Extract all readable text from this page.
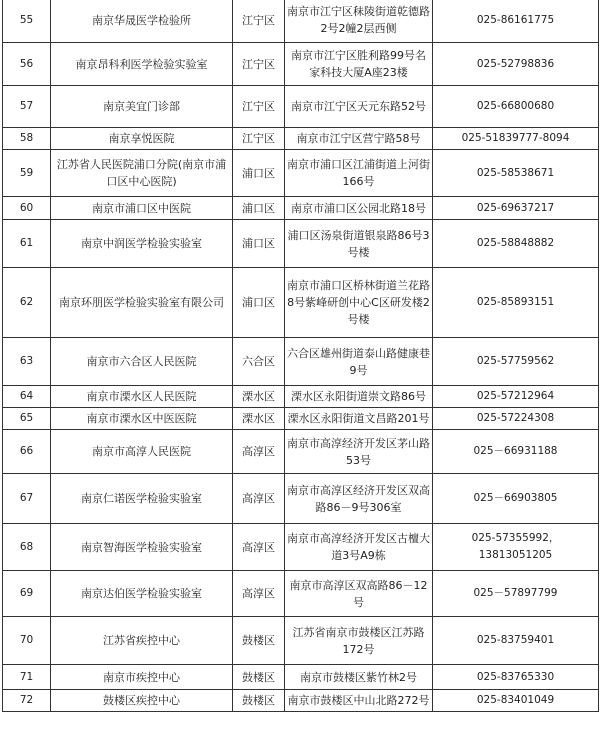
55	南京华晟医学检验所	江宁区	南京市江宁区秣陵街道乾德路2号2幢2层西侧	025-86161775
56	南京昂科利医学检验实验室	江宁区	南京市江宁区胜利路99号名家科技大厦A座23楼	025-52798836
57	南京美宜门诊部	江宁区	南京市江宁区天元东路52号	025-66800680
58	南京享悦医院	江宁区	南京市江宁区营宁路58号	025-51839777-8094
59	江苏省人民医院浦口分院(南京市浦口区中心医院)	浦口区	南京市浦口区江浦街道上河街166号	025-58538671
60	南京市浦口区中医院	浦口区	南京市浦口区公园北路18号	025-69637217
61	南京中润医学检验实验室	浦口区	浦口区汤泉街道银泉路86号3号楼	025-58848882
62	南京环朋医学检验实验室有限公司	浦口区	南京市浦口区桥林街道兰花路8号紫峰研创中心C区研发楼2号楼	025-85893151
63	南京市六合区人民医院	六合区	六合区雄州街道泰山路健康巷9号	025-57759562
64	南京市溧水区人民医院	溧水区	溧水区永阳街道崇文路86号	025-57212964
65	南京市溧水区中医医院	溧水区	溧水区永阳街道文昌路201号	025-57224308
66	南京市高淳人民医院	高淳区	南京市高淳经济开发区茅山路53号	025－66931188
67	南京仁诺医学检验实验室	高淳区	南京市高淳区经济开发区双高路86－9号306室	025－66903805
68	南京智海医学检验实验室	高淳区	南京市高淳经济开发区古檀大道3号A9栋	025-57355992，13813051205
69	南京达伯医学检验实验室	高淳区	南京市高淳区双高路86－12号	025－57897799
70	江苏省疾控中心	鼓楼区	江苏省南京市鼓楼区江苏路172号	025-83759401
71	南京市疾控中心	鼓楼区	南京市鼓楼区紫竹林2号	025-83765330
72	鼓楼区疾控中心	鼓楼区	南京市鼓楼区中山北路272号	025-83401049
